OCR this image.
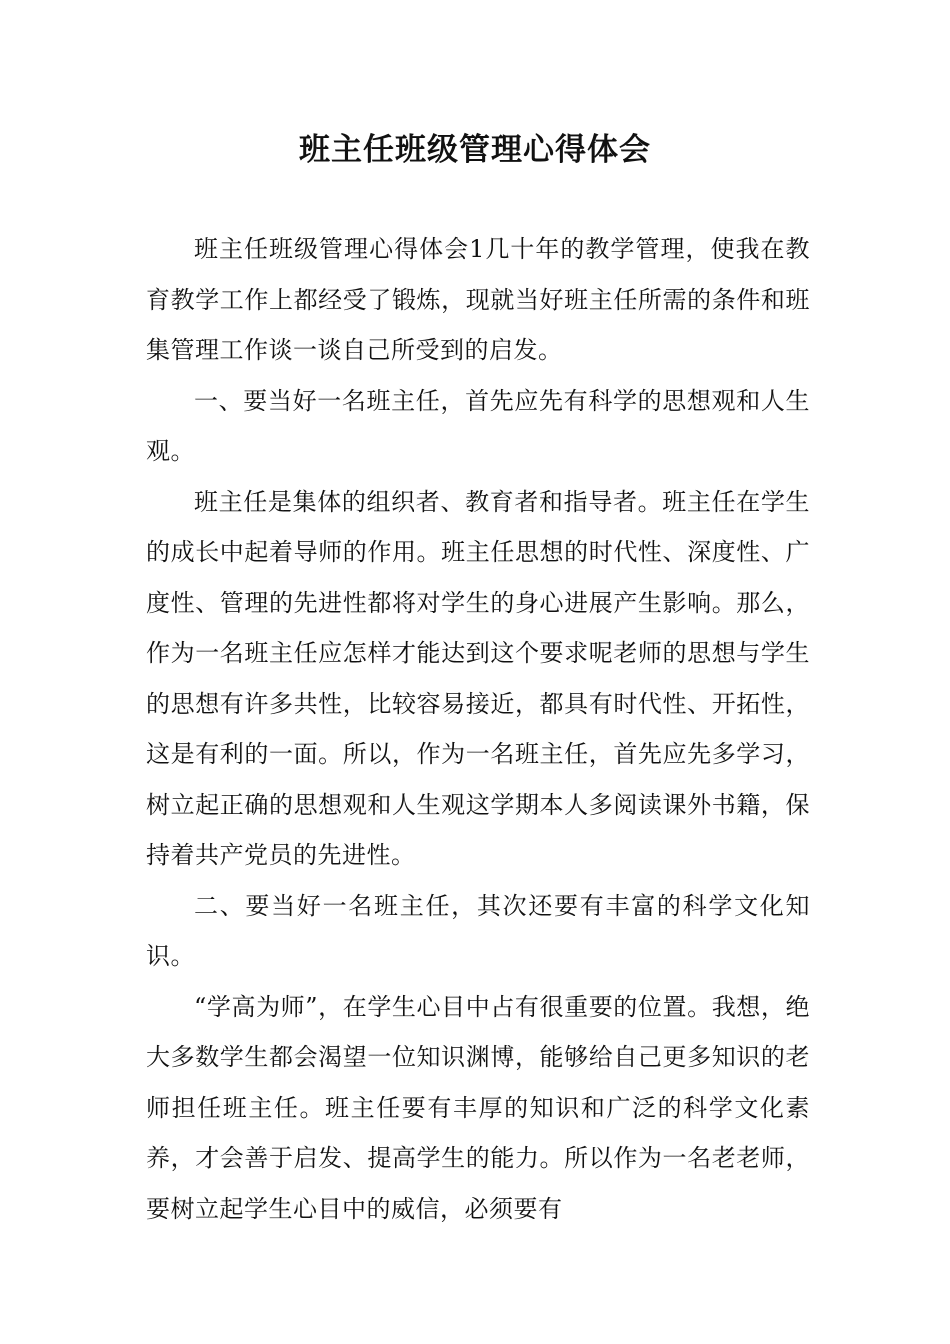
班主任班级管理心得体会

班主任班级管理心得体会1几十年的教学管理，使我在教育教学工作上都经受了锻炼，现就当好班主任所需的条件和班集管理工作谈一谈自己所受到的启发。

一、要当好一名班主任，首先应先有科学的思想观和人生观。

班主任是集体的组织者、教育者和指导者。班主任在学生的成长中起着导师的作用。班主任思想的时代性、深度性、广度性、管理的先进性都将对学生的身心进展产生影响。那么，作为一名班主任应怎样才能达到这个要求呢老师的思想与学生的思想有许多共性，比较容易接近，都具有时代性、开拓性，这是有利的一面。所以，作为一名班主任，首先应先多学习，树立起正确的思想观和人生观这学期本人多阅读课外书籍，保持着共产党员的先进性。

二、要当好一名班主任，其次还要有丰富的科学文化知识。

“学高为师”，在学生心目中占有很重要的位置。我想，绝大多数学生都会渴望一位知识渊博，能够给自己更多知识的老师担任班主任。班主任要有丰厚的知识和广泛的科学文化素养，才会善于启发、提高学生的能力。所以作为一名老老师，要树立起学生心目中的威信，必须要有
